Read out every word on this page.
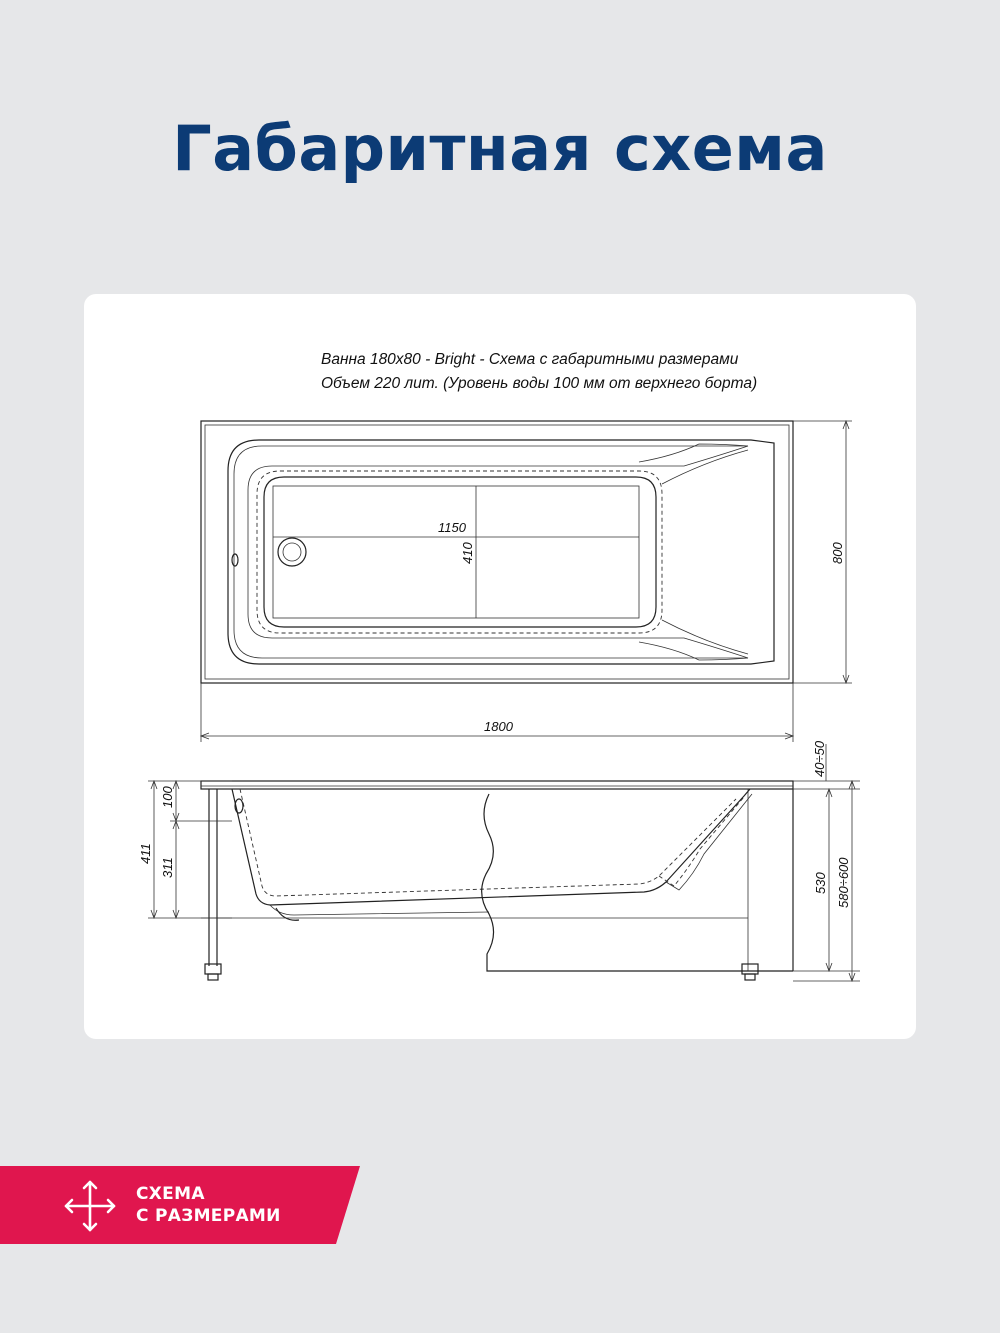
Габаритная схема
Ванна 180х80 - Bright - Схема с габаритными размерами
Объем 220 лит. (Уровень воды 100 мм от верхнего борта)
1150
410	800
1800
100
411
311
40÷50
530 580÷600
СХЕМА
С РАЗМЕРАМИ
